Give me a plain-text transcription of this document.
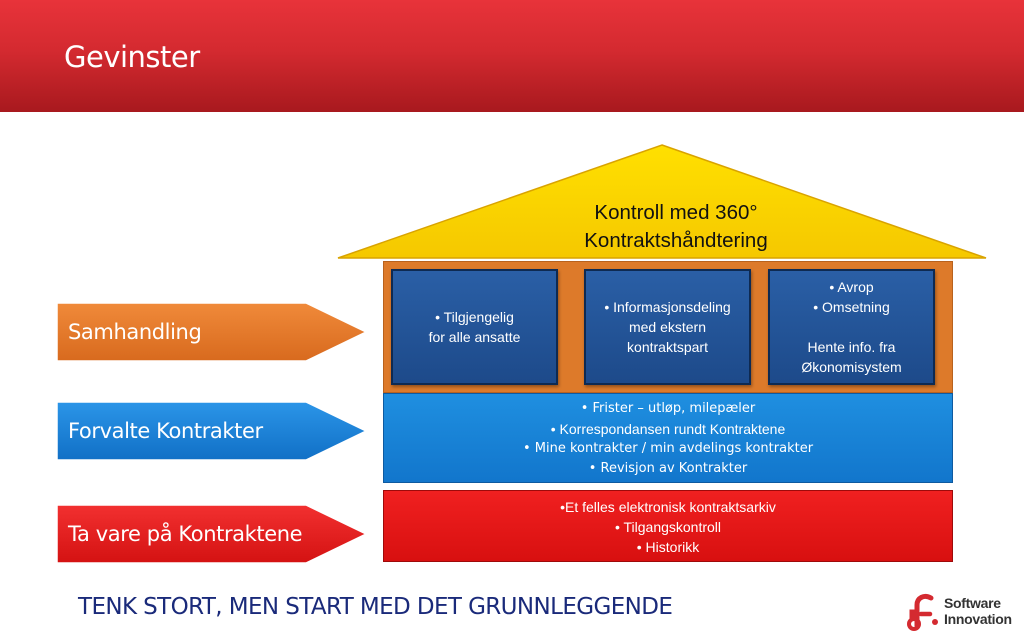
Gevinster
Kontroll med 360°
Kontraktshåndtering
• Tilgjengelig
for alle ansatte
• Informasjonsdeling
med ekstern
kontraktspart
• Avrop
• Omsetning
Hente info. fra
Økonomisystem
• Frister – utløp, milepæler
• Korrespondansen rundt Kontraktene
• Mine kontrakter / min avdelings kontrakter
• Revisjon av Kontrakter
•Et felles elektronisk kontraktsarkiv
• Tilgangskontroll
• Historikk
Samhandling
Forvalte Kontrakter
Ta vare på Kontraktene
TENK STORT, MEN START MED DET GRUNNLEGGENDE	Software
Innovation
